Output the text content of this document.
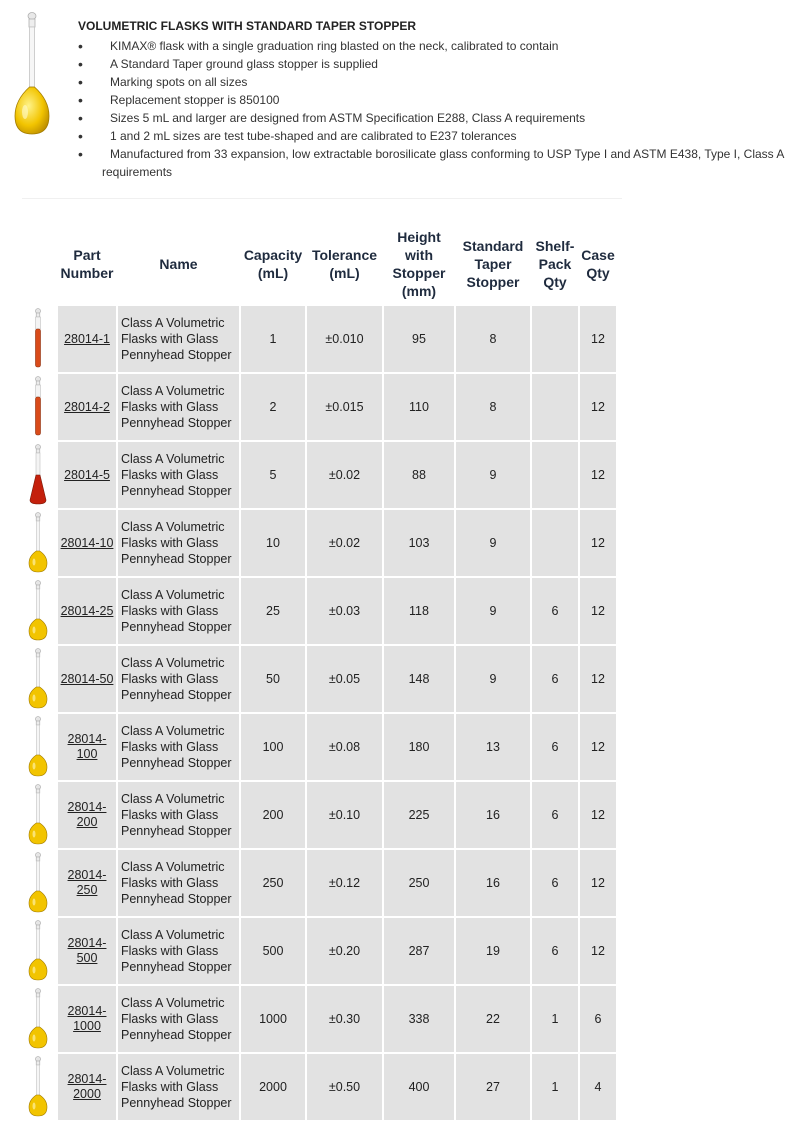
VOLUMETRIC FLASKS WITH STANDARD TAPER STOPPER
• KIMAX® flask with a single graduation ring blasted on the neck, calibrated to contain
• A Standard Taper ground glass stopper is supplied
• Marking spots on all sizes
• Replacement stopper is 850100
• Sizes 5 mL and larger are designed from ASTM Specification E288, Class A requirements
• 1 and 2 mL sizes are test tube-shaped and are calibrated to E237 tolerances
• Manufactured from 33 expansion, low extractable borosilicate glass conforming to USP Type I and ASTM E438, Type I, Class A requirements
	Part Number	Name	Capacity (mL)	Tolerance (mL)	Height with Stopper (mm)	Standard Taper Stopper	Shelf-Pack Qty	Case Qty

	28014-1	Class A Volumetric Flasks with Glass Pennyhead Stopper	1	±0.010	95	8		12

	28014-2	Class A Volumetric Flasks with Glass Pennyhead Stopper	2	±0.015	110	8		12

	28014-5	Class A Volumetric Flasks with Glass Pennyhead Stopper	5	±0.02	88	9		12

	28014-10	Class A Volumetric Flasks with Glass Pennyhead Stopper	10	±0.02	103	9		12

	28014-25	Class A Volumetric Flasks with Glass Pennyhead Stopper	25	±0.03	118	9	6	12

	28014-50	Class A Volumetric Flasks with Glass Pennyhead Stopper	50	±0.05	148	9	6	12

	28014-100	Class A Volumetric Flasks with Glass Pennyhead Stopper	100	±0.08	180	13	6	12

	28014-200	Class A Volumetric Flasks with Glass Pennyhead Stopper	200	±0.10	225	16	6	12

	28014-250	Class A Volumetric Flasks with Glass Pennyhead Stopper	250	±0.12	250	16	6	12

	28014-500	Class A Volumetric Flasks with Glass Pennyhead Stopper	500	±0.20	287	19	6	12

	28014-1000	Class A Volumetric Flasks with Glass Pennyhead Stopper	1000	±0.30	338	22	1	6

	28014-2000	Class A Volumetric Flasks with Glass Pennyhead Stopper	2000	±0.50	400	27	1	4
